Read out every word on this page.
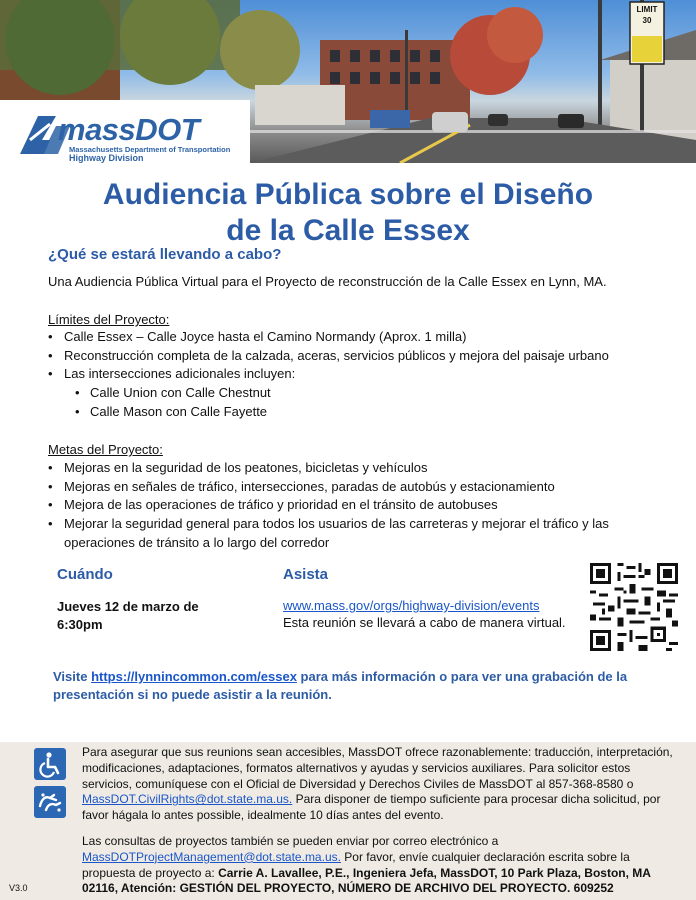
LIMIT 30
massDOT
Massachusetts Department of Transportation
Highway Division
Audiencia Pública sobre el Diseño
de la Calle Essex
¿Qué se estará llevando a cabo?
Una Audiencia Pública Virtual para el Proyecto de reconstrucción de la Calle Essex en Lynn, MA.
Límites del Proyecto:
• Calle Essex – Calle Joyce hasta el Camino Normandy (Aprox. 1 milla)
• Reconstrucción completa de la calzada, aceras, servicios públicos y mejora del paisaje urbano
• Las intersecciones adicionales incluyen:
• Calle Union con Calle Chestnut
• Calle Mason con Calle Fayette
Metas del Proyecto:
• Mejoras en la seguridad de los peatones, bicicletas y vehículos
• Mejoras en señales de tráfico, intersecciones, paradas de autobús y estacionamiento
• Mejora de las operaciones de tráfico y prioridad en el tránsito de autobuses
• Mejorar la seguridad general para todos los usuarios de las carreteras y mejorar el tráfico y las
operaciones de tránsito a lo largo del corredor
Cuándo	Asista
Jueves 12 de marzo de
6:30pm
www.mass.gov/orgs/highway-division/events
Esta reunión se llevará a cabo de manera virtual.
Visite https://lynnincommon.com/essex para más información o para ver una grabación de la presentación si no puede asistir a la reunión.
Para asegurar que sus reunions sean accesibles, MassDOT ofrece razonablemente: traducción, interpretación, modificaciones, adaptaciones, formatos alternativos y ayudas y servicios auxiliares. Para solicitor estos servicios, comuníquese con el Oficial de Diversidad y Derechos Civiles de MassDOT al 857-368-8580 o MassDOT.CivilRights@dot.state.ma.us. Para disponer de tiempo suficiente para procesar dicha solicitud, por favor hágala lo antes possible, idealmente 10 días antes del evento.
Las consultas de proyectos también se pueden enviar por correo electrónico a MassDOTProjectManagement@dot.state.ma.us. Por favor, envíe cualquier declaración escrita sobre la propuesta de proyecto a: Carrie A. Lavallee, P.E., Ingeniera Jefa, MassDOT, 10 Park Plaza, Boston, MA 02116, Atención: GESTIÓN DEL PROYECTO, NÚMERO DE ARCHIVO DEL PROYECTO. 609252
V3.0
